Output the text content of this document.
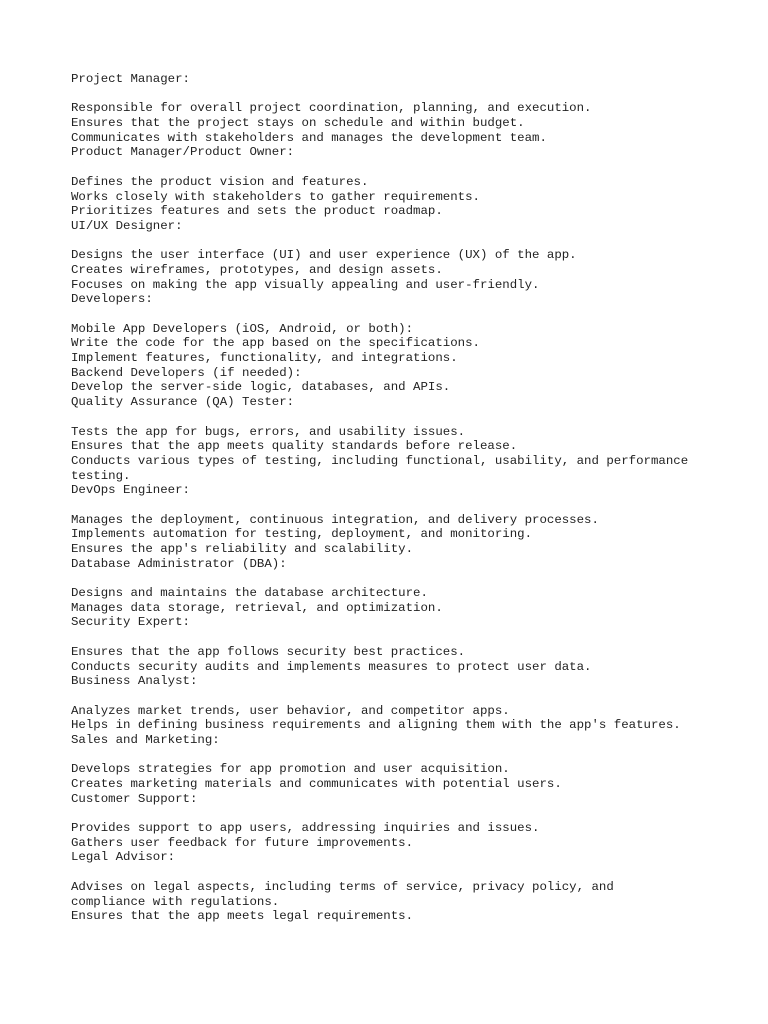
Project Manager:
Responsible for overall project coordination, planning, and execution.
Ensures that the project stays on schedule and within budget.
Communicates with stakeholders and manages the development team.
Product Manager/Product Owner:
Defines the product vision and features.
Works closely with stakeholders to gather requirements.
Prioritizes features and sets the product roadmap.
UI/UX Designer:
Designs the user interface (UI) and user experience (UX) of the app.
Creates wireframes, prototypes, and design assets.
Focuses on making the app visually appealing and user-friendly.
Developers:
Mobile App Developers (iOS, Android, or both):
Write the code for the app based on the specifications.
Implement features, functionality, and integrations.
Backend Developers (if needed):
Develop the server-side logic, databases, and APIs.
Quality Assurance (QA) Tester:
Tests the app for bugs, errors, and usability issues.
Ensures that the app meets quality standards before release.
Conducts various types of testing, including functional, usability, and performance
testing.
DevOps Engineer:
Manages the deployment, continuous integration, and delivery processes.
Implements automation for testing, deployment, and monitoring.
Ensures the app's reliability and scalability.
Database Administrator (DBA):
Designs and maintains the database architecture.
Manages data storage, retrieval, and optimization.
Security Expert:
Ensures that the app follows security best practices.
Conducts security audits and implements measures to protect user data.
Business Analyst:
Analyzes market trends, user behavior, and competitor apps.
Helps in defining business requirements and aligning them with the app's features.
Sales and Marketing:
Develops strategies for app promotion and user acquisition.
Creates marketing materials and communicates with potential users.
Customer Support:
Provides support to app users, addressing inquiries and issues.
Gathers user feedback for future improvements.
Legal Advisor:
Advises on legal aspects, including terms of service, privacy policy, and
compliance with regulations.
Ensures that the app meets legal requirements.
